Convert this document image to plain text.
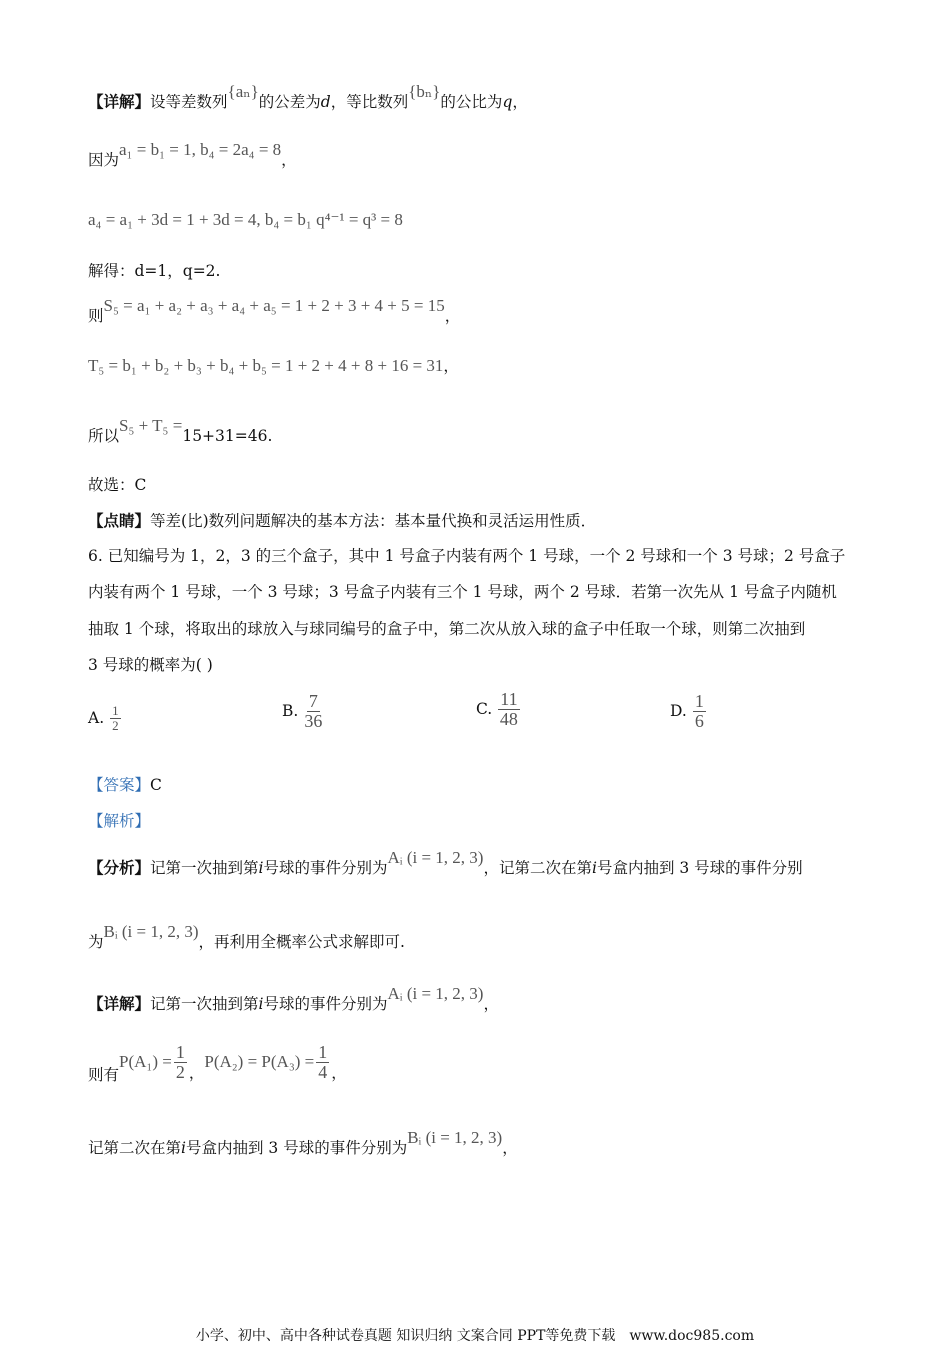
【详解】设等差数列{aₙ}的公差为d，等比数列{bₙ}的公比为q，
因为a₁ = b₁ = 1, b₄ = 2a₄ = 8，
a₄ = a₁ + 3d = 1 + 3d = 4, b₄ = b₁ q⁴⁻¹ = q³ = 8
解得：d=1，q=2.
则S₅ = a₁ + a₂ + a₃ + a₄ + a₅ = 1 + 2 + 3 + 4 + 5 = 15，
T₅ = b₁ + b₂ + b₃ + b₄ + b₅ = 1 + 2 + 4 + 8 + 16 = 31，
所以S₅ + T₅ =15+31=46.
故选：C
【点睛】等差(比)数列问题解决的基本方法：基本量代换和灵活运用性质．
6. 已知编号为 1，2，3 的三个盒子，其中 1 号盒子内装有两个 1 号球，一个 2 号球和一个 3 号球；2 号盒子
内装有两个 1 号球，一个 3 号球；3 号盒子内装有三个 1 号球，两个 2 号球．若第一次先从 1 号盒子内随机
抽取 1 个球，将取出的球放入与球同编号的盒子中，第二次从放入球的盒子中任取一个球，则第二次抽到
3 号球的概率为( )
A. $\frac{1}{2}$	B. $\frac{7}{36}$	C. $\frac{11}{48}$	D. $\frac{1}{6}$
【答案】C
【解析】
【分析】记第一次抽到第i号球的事件分别为Aᵢ (i = 1, 2, 3)，记第二次在第i号盒内抽到 3 号球的事件分别
为Bᵢ (i = 1, 2, 3)，再利用全概率公式求解即可.
【详解】记第一次抽到第i号球的事件分别为Aᵢ (i = 1, 2, 3)，
则有
$P(A_1) = \frac{1}{2}$ ，
$P(A_2) = P(A_3) = \frac{1}{4}$ ，
记第二次在第i号盒内抽到 3 号球的事件分别为Bᵢ (i = 1, 2, 3)，
小学、初中、高中各种试卷真题 知识归纳 文案合同 PPT等免费下载 www.doc985.com
